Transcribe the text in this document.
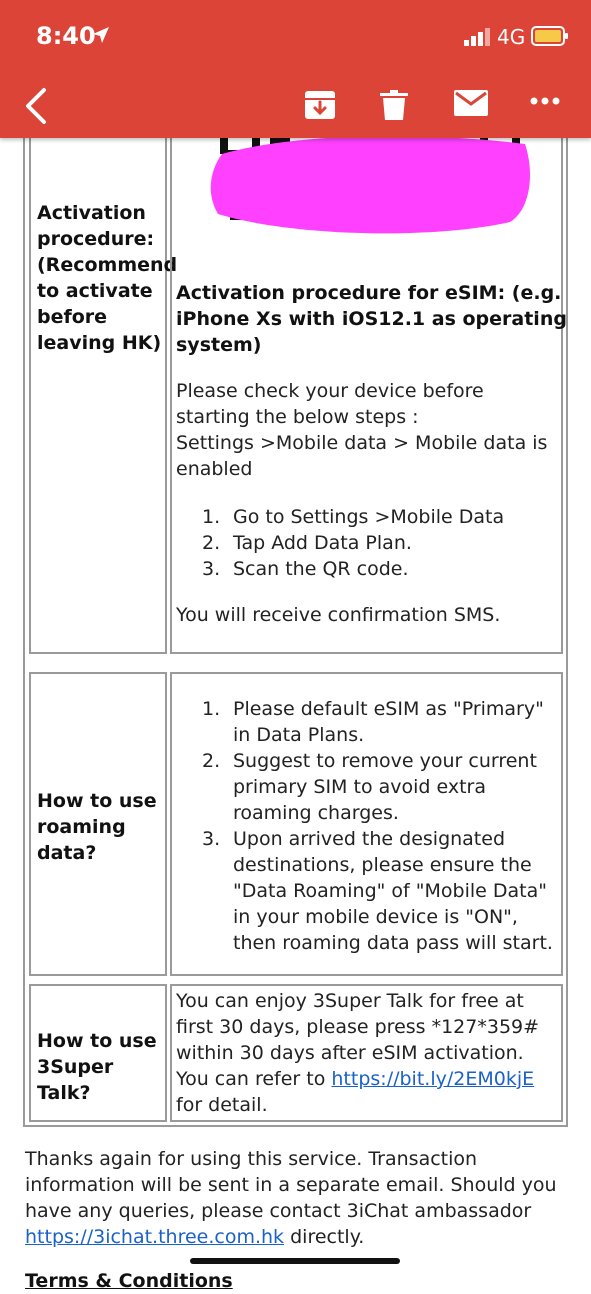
Activation
procedure:
(Recommend
to activate
before
leaving HK)
Activation procedure for eSIM: (e.g.
iPhone Xs with iOS12.1 as operating
system)
Please check your device before
starting the below steps :
Settings >Mobile data > Mobile data is
enabled
1. Go to Settings >Mobile Data
2. Tap Add Data Plan.
3. Scan the QR code.
You will receive confirmation SMS.
How to use
roaming
data?
1. Please default eSIM as "Primary"
in Data Plans.
2. Suggest to remove your current
primary SIM to avoid extra
roaming charges.
3. Upon arrived the designated
destinations, please ensure the
"Data Roaming" of "Mobile Data"
in your mobile device is "ON",
then roaming data pass will start.
How to use
3Super Talk?
You can enjoy 3Super Talk for free at
first 30 days, please press *127*359#
within 30 days after eSIM activation.
You can refer to https://bit.ly/2EM0kjE
for detail.
Thanks again for using this service. Transaction
information will be sent in a separate email. Should you
have any queries, please contact 3iChat ambassador
https://3ichat.three.com.hk directly.
Terms & Conditions
8:40	4G
